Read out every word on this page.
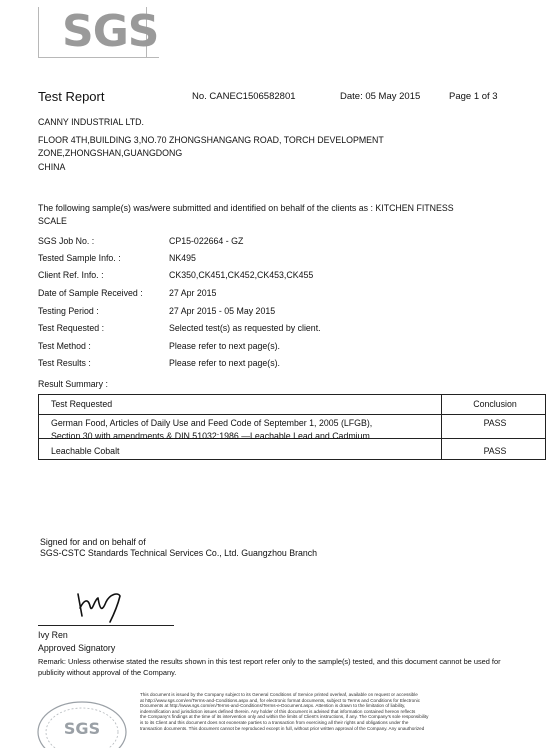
SGS
Test Report	No. CANEC1506582801	Date: 05 May 2015	Page 1 of 3
CANNY INDUSTRIAL LTD.
FLOOR 4TH,BUILDING 3,NO.70 ZHONGSHANGANG ROAD, TORCH DEVELOPMENT
ZONE,ZHONGSHAN,GUANGDONG
CHINA
The following sample(s) was/were submitted and identified on behalf of the clients as : KITCHEN FITNESS
SCALE
SGS Job No. :	CP15-022664 - GZ
Tested Sample Info. :	NK495
Client Ref. Info. :	CK350,CK451,CK452,CK453,CK455
Date of Sample Received :	27 Apr 2015
Testing Period :	27 Apr 2015 - 05 May 2015
Test Requested :	Selected test(s) as requested by client.
Test Method :	Please refer to next page(s).
Test Results :	Please refer to next page(s).
Result Summary :
Test Requested	Conclusion
German Food, Articles of Daily Use and Feed Code of September 1, 2005 (LFGB),
Section 30 with amendments & DIN 51032:1986 —Leachable Lead and Cadmium
PASS
Leachable Cobalt	PASS
Signed for and on behalf of
SGS-CSTC Standards Technical Services Co., Ltd. Guangzhou Branch
Ivy Ren
Approved Signatory
Remark: Unless otherwise stated the results shown in this test report refer only to the sample(s) tested, and this document cannot be used for
publicity without approval of the Company.
SGS
This document is issued by the Company subject to its General Conditions of Service printed overleaf, available on request or accessible
at http://www.sgs.com/en/Terms-and-Conditions.aspx and, for electronic format documents, subject to Terms and Conditions for Electronic
Documents at http://www.sgs.com/en/Terms-and-Conditions/Terms-e-Document.aspx. Attention is drawn to the limitation of liability,
indemnification and jurisdiction issues defined therein. Any holder of this document is advised that information contained hereon reflects
the Company's findings at the time of its intervention only and within the limits of Client's instructions, if any. The Company's sole responsibility
is to its Client and this document does not exonerate parties to a transaction from exercising all their rights and obligations under the
transaction documents. This document cannot be reproduced except in full, without prior written approval of the Company. Any unauthorized
